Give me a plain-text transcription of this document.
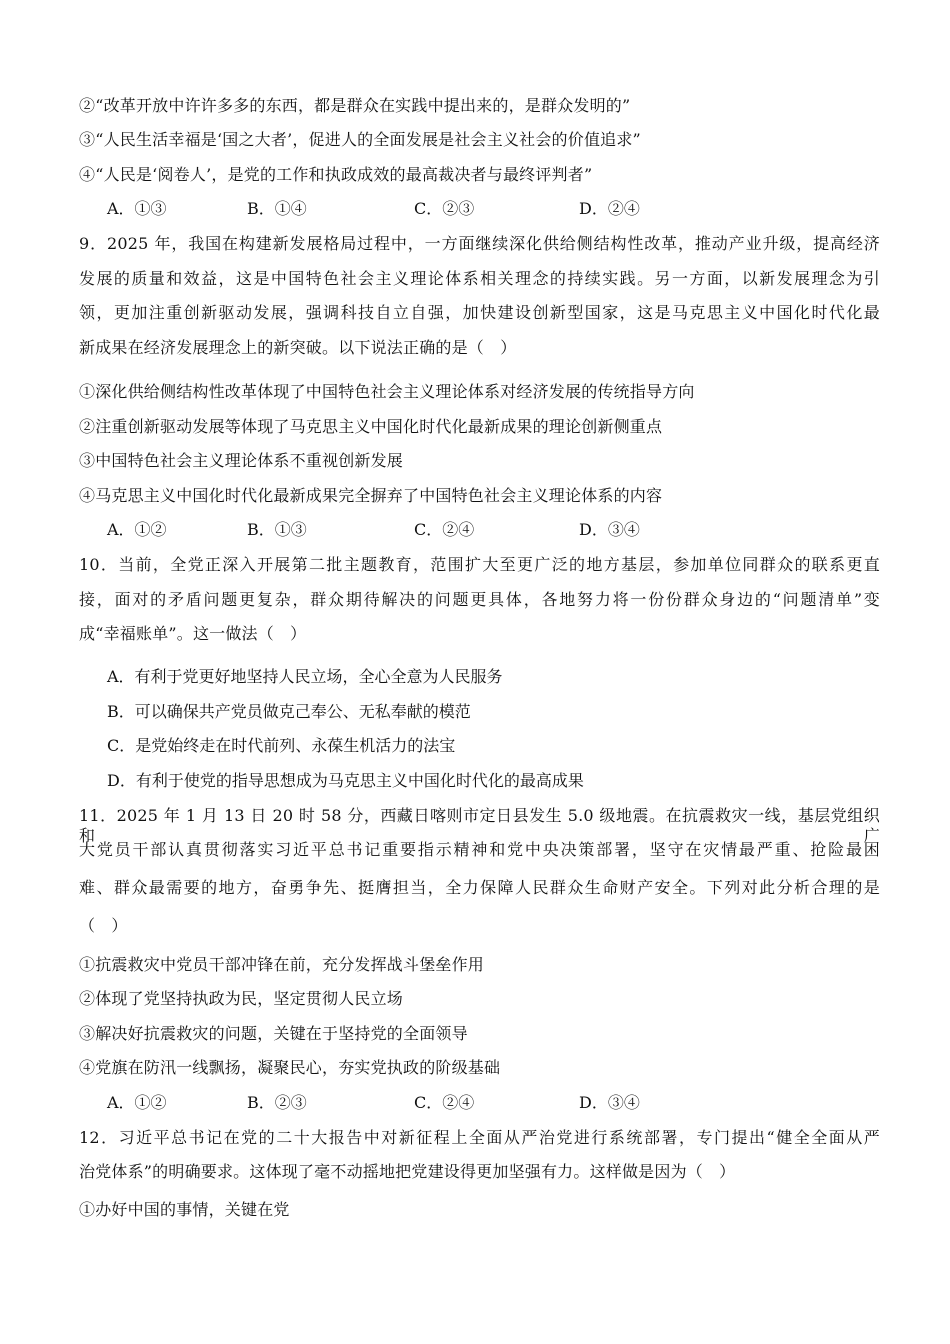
②“改革开放中许许多多的东西，都是群众在实践中提出来的，是群众发明的”
③“人民生活幸福是‘国之大者’，促进人的全面发展是社会主义社会的价值追求”
④“人民是‘阅卷人’，是党的工作和执政成效的最高裁决者与最终评判者”
A．①③	B．①④	C．②③	D．②④
9．2025 年，我国在构建新发展格局过程中，一方面继续深化供给侧结构性改革，推动产业升级，提高经济
发展的质量和效益，这是中国特色社会主义理论体系相关理念的持续实践。另一方面，以新发展理念为引
领，更加注重创新驱动发展，强调科技自立自强，加快建设创新型国家，这是马克思主义中国化时代化最
新成果在经济发展理念上的新突破。以下说法正确的是（　）
①深化供给侧结构性改革体现了中国特色社会主义理论体系对经济发展的传统指导方向
②注重创新驱动发展等体现了马克思主义中国化时代化最新成果的理论创新侧重点
③中国特色社会主义理论体系不重视创新发展
④马克思主义中国化时代化最新成果完全摒弃了中国特色社会主义理论体系的内容
A．①②	B．①③	C．②④	D．③④
10．当前，全党正深入开展第二批主题教育，范围扩大至更广泛的地方基层，参加单位同群众的联系更直
接，面对的矛盾问题更复杂，群众期待解决的问题更具体，各地努力将一份份群众身边的“问题清单”变
成“幸福账单”。这一做法（　）
A．有利于党更好地坚持人民立场，全心全意为人民服务
B．可以确保共产党员做克己奉公、无私奉献的模范
C．是党始终走在时代前列、永葆生机活力的法宝
D．有利于使党的指导思想成为马克思主义中国化时代化的最高成果
11．2025 年 1 月 13 日 20 时 58 分，西藏日喀则市定日县发生 5.0 级地震。在抗震救灾一线，基层党组织和广
大党员干部认真贯彻落实习近平总书记重要指示精神和党中央决策部署，坚守在灾情最严重、抢险最困
难、群众最需要的地方，奋勇争先、挺膺担当，全力保障人民群众生命财产安全。下列对此分析合理的是
（　）
①抗震救灾中党员干部冲锋在前，充分发挥战斗堡垒作用
②体现了党坚持执政为民，坚定贯彻人民立场
③解决好抗震救灾的问题，关键在于坚持党的全面领导
④党旗在防汛一线飘扬，凝聚民心，夯实党执政的阶级基础
A．①②	B．②③	C．②④	D．③④
12．习近平总书记在党的二十大报告中对新征程上全面从严治党进行系统部署，专门提出“健全全面从严
治党体系”的明确要求。这体现了毫不动摇地把党建设得更加坚强有力。这样做是因为（　）
①办好中国的事情，关键在党
